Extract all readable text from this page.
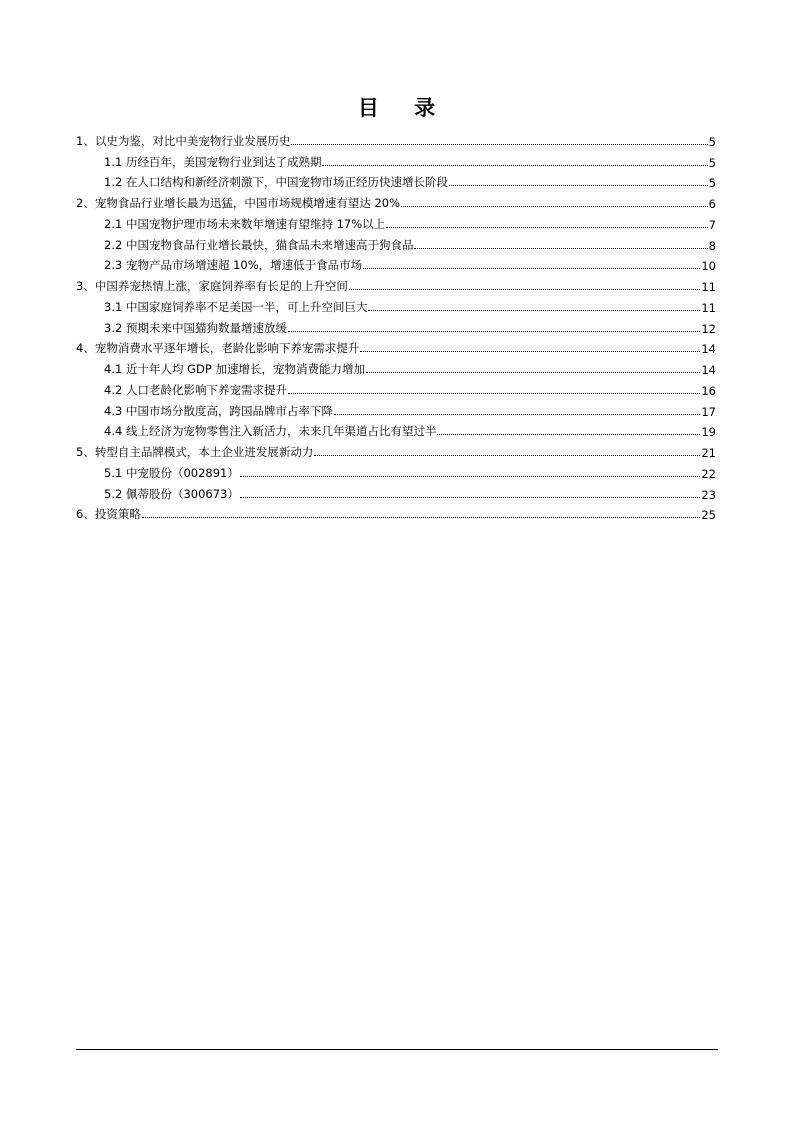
目 录
1、以史为鉴，对比中美宠物行业发展历史	5
1.1 历经百年，美国宠物行业到达了成熟期	5
1.2 在人口结构和新经济刺激下，中国宠物市场正经历快速增长阶段	5
2、宠物食品行业增长最为迅猛，中国市场规模增速有望达 20%	6
2.1 中国宠物护理市场未来数年增速有望维持 17%以上	7
2.2 中国宠物食品行业增长最快，猫食品未来增速高于狗食品	8
2.3 宠物产品市场增速超 10%，增速低于食品市场	10
3、中国养宠热情上涨，家庭饲养率有长足的上升空间	11
3.1 中国家庭饲养率不足美国一半，可上升空间巨大	11
3.2 预期未来中国猫狗数量增速放缓	12
4、宠物消费水平逐年增长，老龄化影响下养宠需求提升	14
4.1 近十年人均 GDP 加速增长，宠物消费能力增加	14
4.2 人口老龄化影响下养宠需求提升	16
4.3 中国市场分散度高，跨国品牌市占率下降	17
4.4 线上经济为宠物零售注入新活力，未来几年渠道占比有望过半	19
5、转型自主品牌模式，本土企业进发展新动力	21
5.1 中宠股份（002891）	22
5.2 佩蒂股份（300673）	23
6、投资策略	25
